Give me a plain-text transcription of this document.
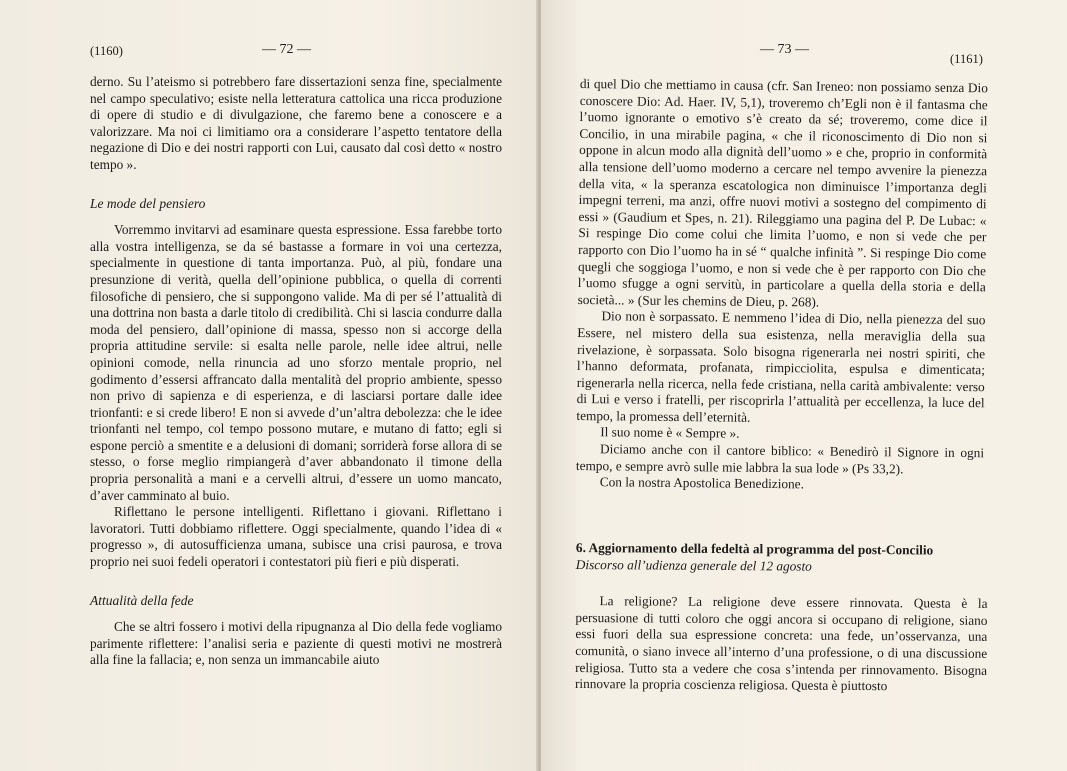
(1160)	— 72 —

derno. Su l’ateismo si potrebbero fare dissertazioni senza fine, specialmente nel campo speculativo; esiste nella letteratura cattolica una ricca produzione di opere di studio e di divulgazione, che faremo bene a conoscere e a valorizzare. Ma noi ci limitiamo ora a considerare l’aspetto tentatore della negazione di Dio e dei nostri rapporti con Lui, causato dal così detto « nostro tempo ».

Le mode del pensiero

Vorremmo invitarvi ad esaminare questa espressione. Essa farebbe torto alla vostra intelligenza, se da sé bastasse a formare in voi una certezza, specialmente in questione di tanta importanza. Può, al più, fondare una presunzione di verità, quella dell’opinione pubblica, o quella di correnti filosofiche di pensiero, che si suppongono valide. Ma di per sé l’attualità di una dottrina non basta a darle titolo di credibilità. Chi si lascia condurre dalla moda del pensiero, dall’opinione di massa, spesso non si accorge della propria attitudine servile: si esalta nelle parole, nelle idee altrui, nelle opinioni comode, nella rinuncia ad uno sforzo mentale proprio, nel godimento d’essersi affrancato dalla mentalità del proprio ambiente, spesso non privo di sapienza e di esperienza, e di lasciarsi portare dalle idee trionfanti: e si crede libero! E non si avvede d’un’altra debolezza: che le idee trionfanti nel tempo, col tempo possono mutare, e mutano di fatto; egli si espone perciò a smentite e a delusioni di domani; sorriderà forse allora di se stesso, o forse meglio rimpiangerà d’aver abbandonato il timone della propria personalità a mani e a cervelli altrui, d’essere un uomo mancato, d’aver camminato al buio.

Riflettano le persone intelligenti. Riflettano i giovani. Riflettano i lavoratori. Tutti dobbiamo riflettere. Oggi specialmente, quando l’idea di « progresso », di autosufficienza umana, subisce una crisi paurosa, e trova proprio nei suoi fedeli operatori i contestatori più fieri e più disperati.

Attualità della fede

Che se altri fossero i motivi della ripugnanza al Dio della fede vogliamo parimente riflettere: l’analisi seria e paziente di questi motivi ne mostrerà alla fine la fallacia; e, non senza un immancabile aiuto

— 73 —
(1161)

di quel Dio che mettiamo in causa (cfr. San Ireneo: non possiamo senza Dio conoscere Dio: Ad. Haer. IV, 5,1), troveremo ch’Egli non è il fantasma che l’uomo ignorante o emotivo s’è creato da sé; troveremo, come dice il Concilio, in una mirabile pagina, « che il riconoscimento di Dio non si oppone in alcun modo alla dignità dell’uomo » e che, proprio in conformità alla tensione dell’uomo moderno a cercare nel tempo avvenire la pienezza della vita, « la speranza escatologica non diminuisce l’importanza degli impegni terreni, ma anzi, offre nuovi motivi a sostegno del compimento di essi » (Gaudium et Spes, n. 21). Rileggiamo una pagina del P. De Lubac: « Si respinge Dio come colui che limita l’uomo, e non si vede che per rapporto con Dio l’uomo ha in sé “ qualche infinità ”. Si respinge Dio come quegli che soggioga l’uomo, e non si vede che è per rapporto con Dio che l’uomo sfugge a ogni servitù, in particolare a quella della storia e della società... » (Sur les chemins de Dieu, p. 268).

Dio non è sorpassato. E nemmeno l’idea di Dio, nella pienezza del suo Essere, nel mistero della sua esistenza, nella meraviglia della sua rivelazione, è sorpassata. Solo bisogna rigenerarla nei nostri spiriti, che l’hanno deformata, profanata, rimpicciolita, espulsa e dimenticata; rigenerarla nella ricerca, nella fede cristiana, nella carità ambivalente: verso di Lui e verso i fratelli, per riscoprirla l’attualità per eccellenza, la luce del tempo, la promessa dell’eternità.

Il suo nome è « Sempre ».

Diciamo anche con il cantore biblico: « Benedirò il Signore in ogni tempo, e sempre avrò sulle mie labbra la sua lode » (Ps 33,2).

Con la nostra Apostolica Benedizione.

6. Aggiornamento della fedeltà al programma del post-Concilio

Discorso all’udienza generale del 12 agosto

La religione? La religione deve essere rinnovata. Questa è la persuasione di tutti coloro che oggi ancora si occupano di religione, siano essi fuori della sua espressione concreta: una fede, un’osservanza, una comunità, o siano invece all’interno d’una professione, o di una discussione religiosa. Tutto sta a vedere che cosa s’intenda per rinnovamento. Bisogna rinnovare la propria coscienza religiosa. Questa è piuttosto
